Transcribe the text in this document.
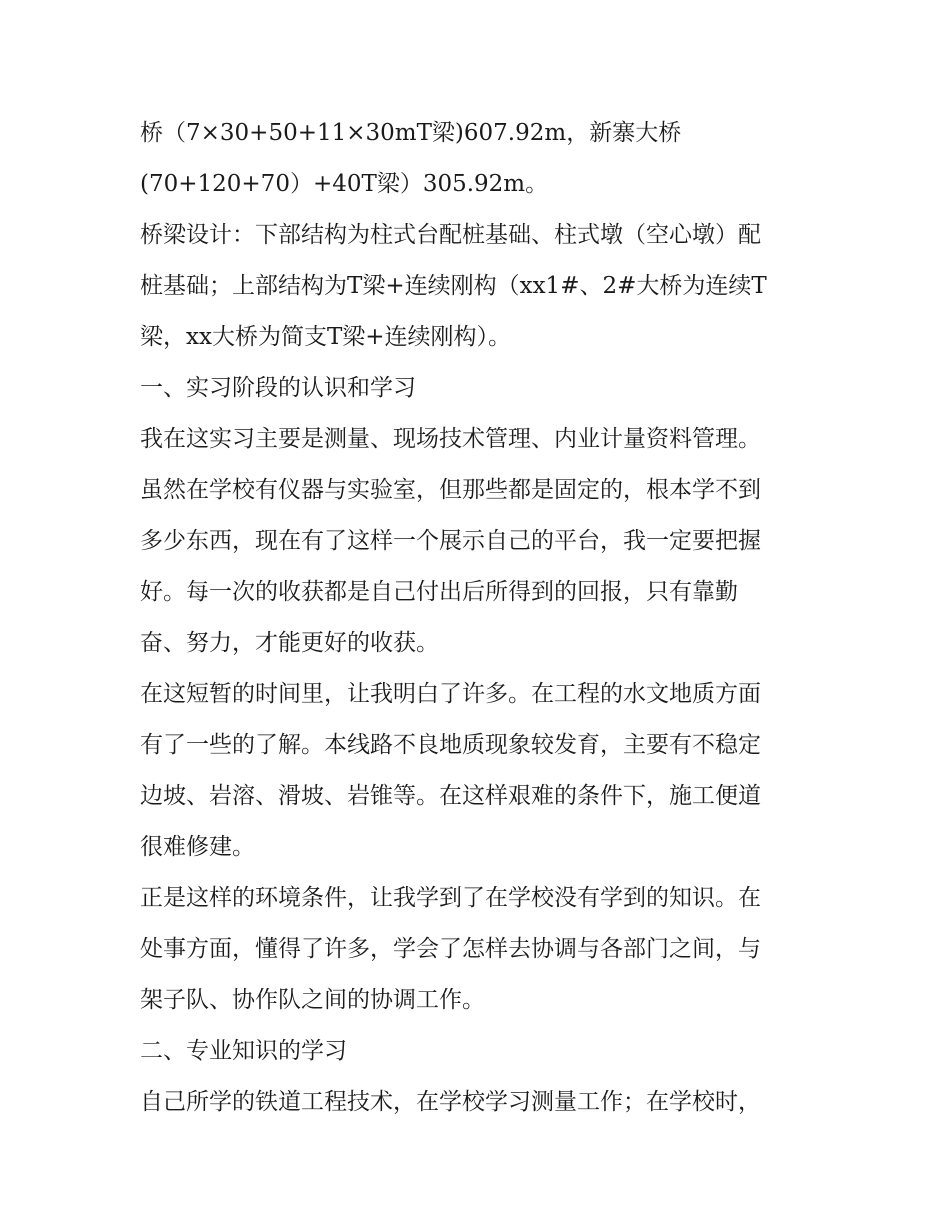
桥（7×30+50+11×30mT梁)607.92m，新寨大桥
(70+120+70）+40T梁）305.92m。
桥梁设计：下部结构为柱式台配桩基础、柱式墩（空心墩）配
桩基础；上部结构为T梁+连续刚构（xx1#、2#大桥为连续T
梁，xx大桥为简支T梁+连续刚构）。
一、实习阶段的认识和学习
我在这实习主要是测量、现场技术管理、内业计量资料管理。
虽然在学校有仪器与实验室，但那些都是固定的，根本学不到
多少东西，现在有了这样一个展示自己的平台，我一定要把握
好。每一次的收获都是自己付出后所得到的回报，只有靠勤
奋、努力，才能更好的收获。
在这短暂的时间里，让我明白了许多。在工程的水文地质方面
有了一些的了解。本线路不良地质现象较发育，主要有不稳定
边坡、岩溶、滑坡、岩锥等。在这样艰难的条件下，施工便道
很难修建。
正是这样的环境条件，让我学到了在学校没有学到的知识。在
处事方面，懂得了许多，学会了怎样去协调与各部门之间，与
架子队、协作队之间的协调工作。
二、专业知识的学习
自己所学的铁道工程技术，在学校学习测量工作；在学校时，
